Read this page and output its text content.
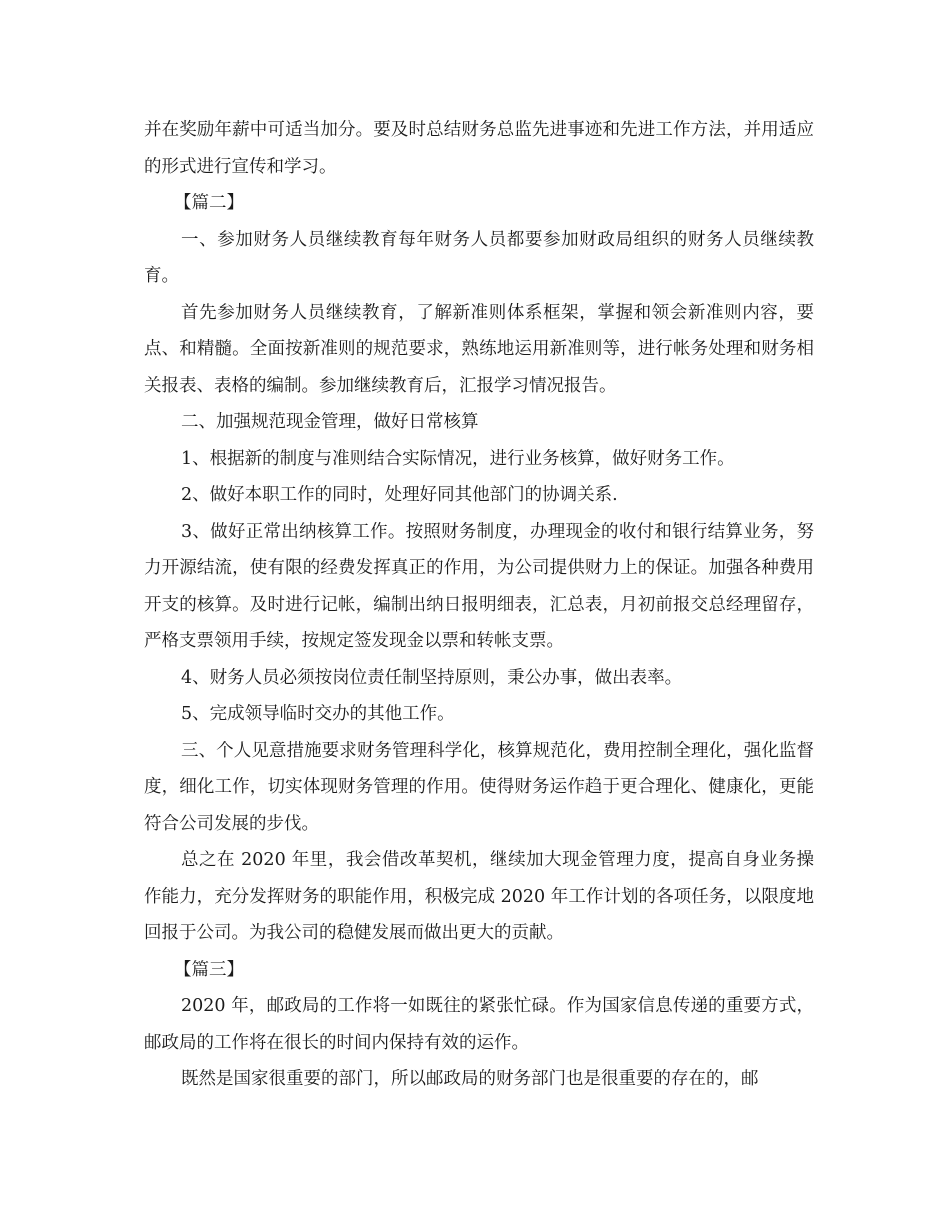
并在奖励年薪中可适当加分。要及时总结财务总监先进事迹和先进工作方法，并用适应的形式进行宣传和学习。

【篇二】

一、参加财务人员继续教育每年财务人员都要参加财政局组织的财务人员继续教育。

首先参加财务人员继续教育，了解新准则体系框架，掌握和领会新准则内容，要点、和精髓。全面按新准则的规范要求，熟练地运用新准则等，进行帐务处理和财务相关报表、表格的编制。参加继续教育后，汇报学习情况报告。

二、加强规范现金管理，做好日常核算

1、根据新的制度与准则结合实际情况，进行业务核算，做好财务工作。

2、做好本职工作的同时，处理好同其他部门的协调关系.

3、做好正常出纳核算工作。按照财务制度，办理现金的收付和银行结算业务，努力开源结流，使有限的经费发挥真正的作用，为公司提供财力上的保证。加强各种费用开支的核算。及时进行记帐，编制出纳日报明细表，汇总表，月初前报交总经理留存，严格支票领用手续，按规定签发现金以票和转帐支票。

4、财务人员必须按岗位责任制坚持原则，秉公办事，做出表率。

5、完成领导临时交办的其他工作。

三、个人见意措施要求财务管理科学化，核算规范化，费用控制全理化，强化监督度，细化工作，切实体现财务管理的作用。使得财务运作趋于更合理化、健康化，更能符合公司发展的步伐。

总之在 2020 年里，我会借改革契机，继续加大现金管理力度，提高自身业务操作能力，充分发挥财务的职能作用，积极完成 2020 年工作计划的各项任务，以限度地回报于公司。为我公司的稳健发展而做出更大的贡献。

【篇三】

2020 年，邮政局的工作将一如既往的紧张忙碌。作为国家信息传递的重要方式，邮政局的工作将在很长的时间内保持有效的运作。

既然是国家很重要的部门，所以邮政局的财务部门也是很重要的存在的，邮
